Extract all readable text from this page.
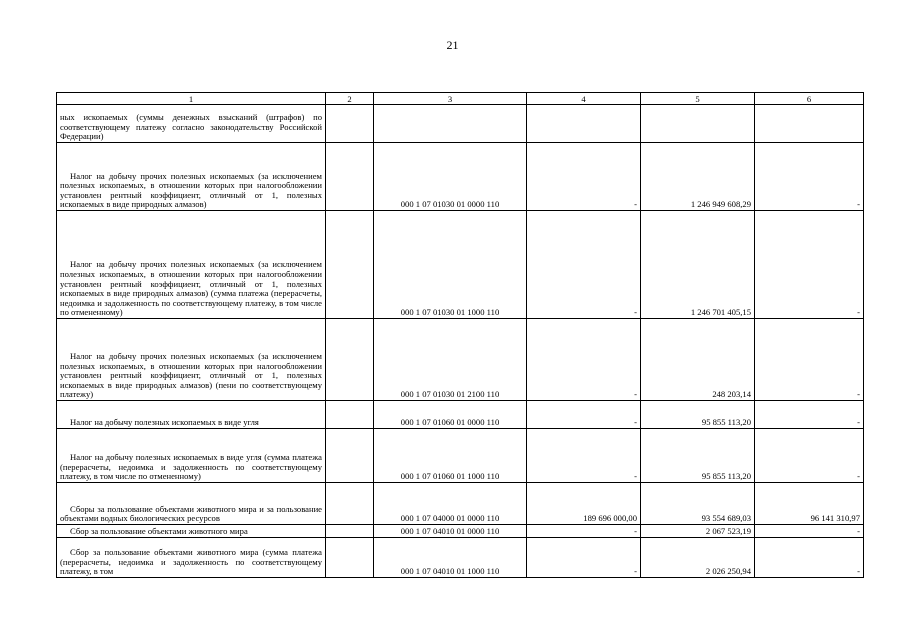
21
1	2	3	4	5	6
ных ископаемых (суммы денежных взысканий (штрафов) по соответствующему платежу согласно законодательству Российской Федерации)					
Налог на добычу прочих полезных ископаемых (за исключением полезных ископаемых, в отношении которых при налогообложении установлен рентный коэффициент, отличный от 1, полезных ископаемых в виде природных алмазов)		000 1 07 01030 01 0000 110	-	1 246 949 608,29	-
Налог на добычу прочих полезных ископаемых (за исключением полезных ископаемых, в отношении которых при налогообложении установлен рентный коэффициент, отличный от 1, полезных ископаемых в виде природных алмазов) (сумма платежа (перерасчеты, недоимка и задолженность по соответствующему платежу, в том числе по отмененному)		000 1 07 01030 01 1000 110	-	1 246 701 405,15	-
Налог на добычу прочих полезных ископаемых (за исключением полезных ископаемых, в отношении которых при налогообложении установлен рентный коэффициент, отличный от 1, полезных ископаемых в виде природных алмазов) (пени по соответствующему платежу)		000 1 07 01030 01 2100 110	-	248 203,14	-
Налог на добычу полезных ископаемых в виде угля		000 1 07 01060 01 0000 110	-	95 855 113,20	-
Налог на добычу полезных ископаемых в виде угля (сумма платежа (перерасчеты, недоимка и задолженность по соответствующему платежу, в том числе по отмененному)		000 1 07 01060 01 1000 110	-	95 855 113,20	-
Сборы за пользование объектами животного мира и за пользование объектами водных биологических ресурсов		000 1 07 04000 01 0000 110	189 696 000,00	93 554 689,03	96 141 310,97
Сбор за пользование объектами животного мира		000 1 07 04010 01 0000 110	-	2 067 523,19	-
Сбор за пользование объектами животного мира (сумма платежа (перерасчеты, недоимка и задолженность по соответствующему платежу, в том		000 1 07 04010 01 1000 110	-	2 026 250,94	-
